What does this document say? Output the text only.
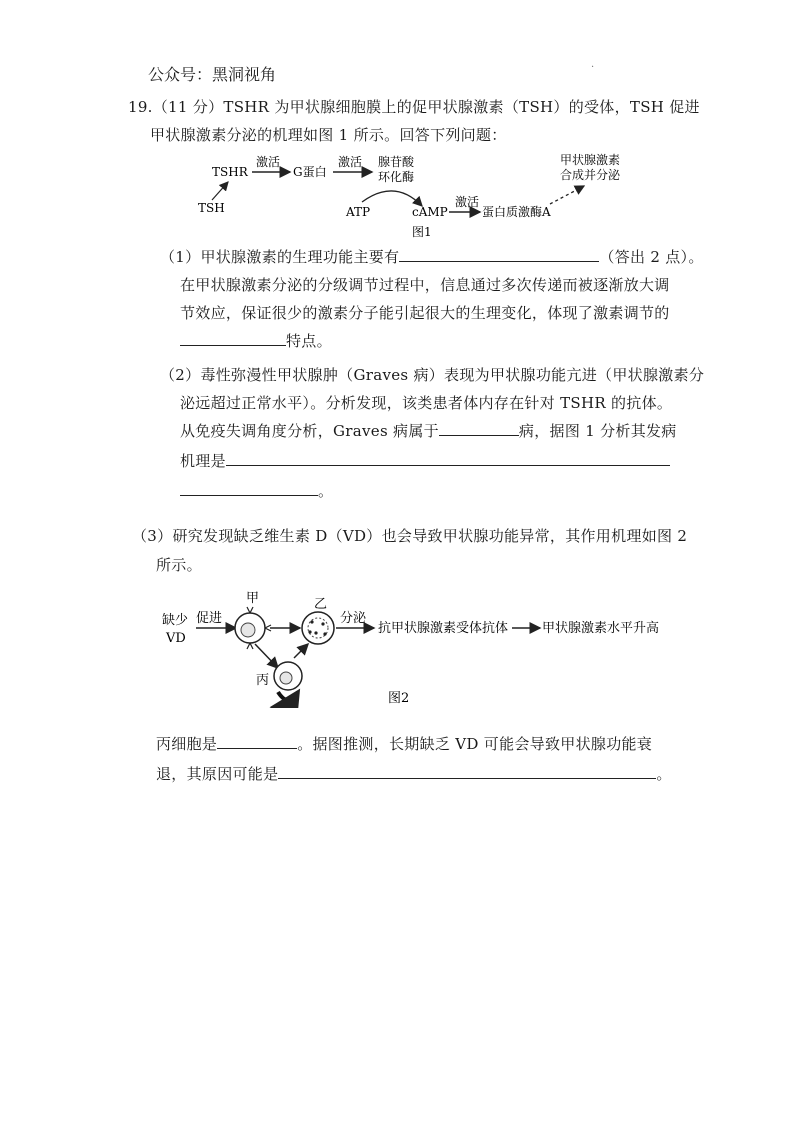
公众号：黑洞视角	·
19.（11 分）TSHR 为甲状腺细胞膜上的促甲状腺激素（TSH）的受体，TSH 促进
甲状腺激素分泌的机理如图 1 所示。回答下列问题：
TSHR
激活
G蛋白
激活 腺苷酸
环化酶
TSH	ATP	cAMP
激活
蛋白质激酶A
甲状腺激素
合成并分泌
图1
（1）甲状腺激素的生理功能主要有	（答出 2 点）。
在甲状腺激素分泌的分级调节过程中，信息通过多次传递而被逐渐放大调
节效应，保证很少的激素分子能引起很大的生理变化，体现了激素调节的
特点。
（2）毒性弥漫性甲状腺肿（Graves 病）表现为甲状腺功能亢进（甲状腺激素分
泌远超过正常水平）。分析发现，该类患者体内存在针对 TSHR 的抗体。
从免疫失调角度分析，Graves 病属于	病，据图 1 分析其发病
机理是
。
（3）研究发现缺乏维生素 D（VD）也会导致甲状腺功能异常，其作用机理如图 2
所示。
缺少
VD
促进
甲	乙
丙
分泌
抗甲状腺激素受体抗体	甲状腺激素水平升高
图2
丙细胞是	。据图推测，长期缺乏 VD 可能会导致甲状腺功能衰
退，其原因可能是	。
